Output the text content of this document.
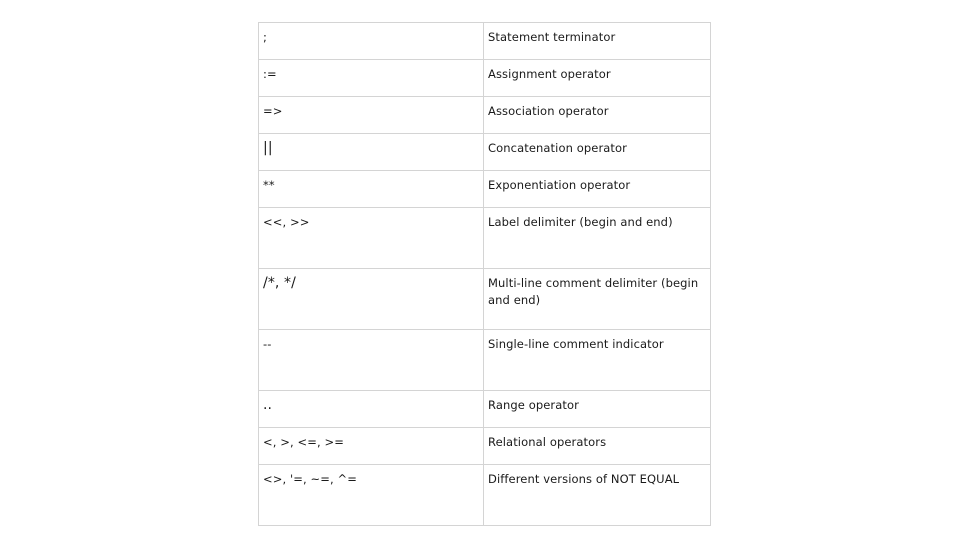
;	Statement terminator
:=	Assignment operator
=>	Association operator
||	Concatenation operator
**	Exponentiation operator
<<, >>	Label delimiter (begin and end)
/*, */	Multi-line comment delimiter (begin and end)
--	Single-line comment indicator
..	Range operator
<, >, <=, >=	Relational operators
<>, '=, ~=, ^=	Different versions of NOT EQUAL
